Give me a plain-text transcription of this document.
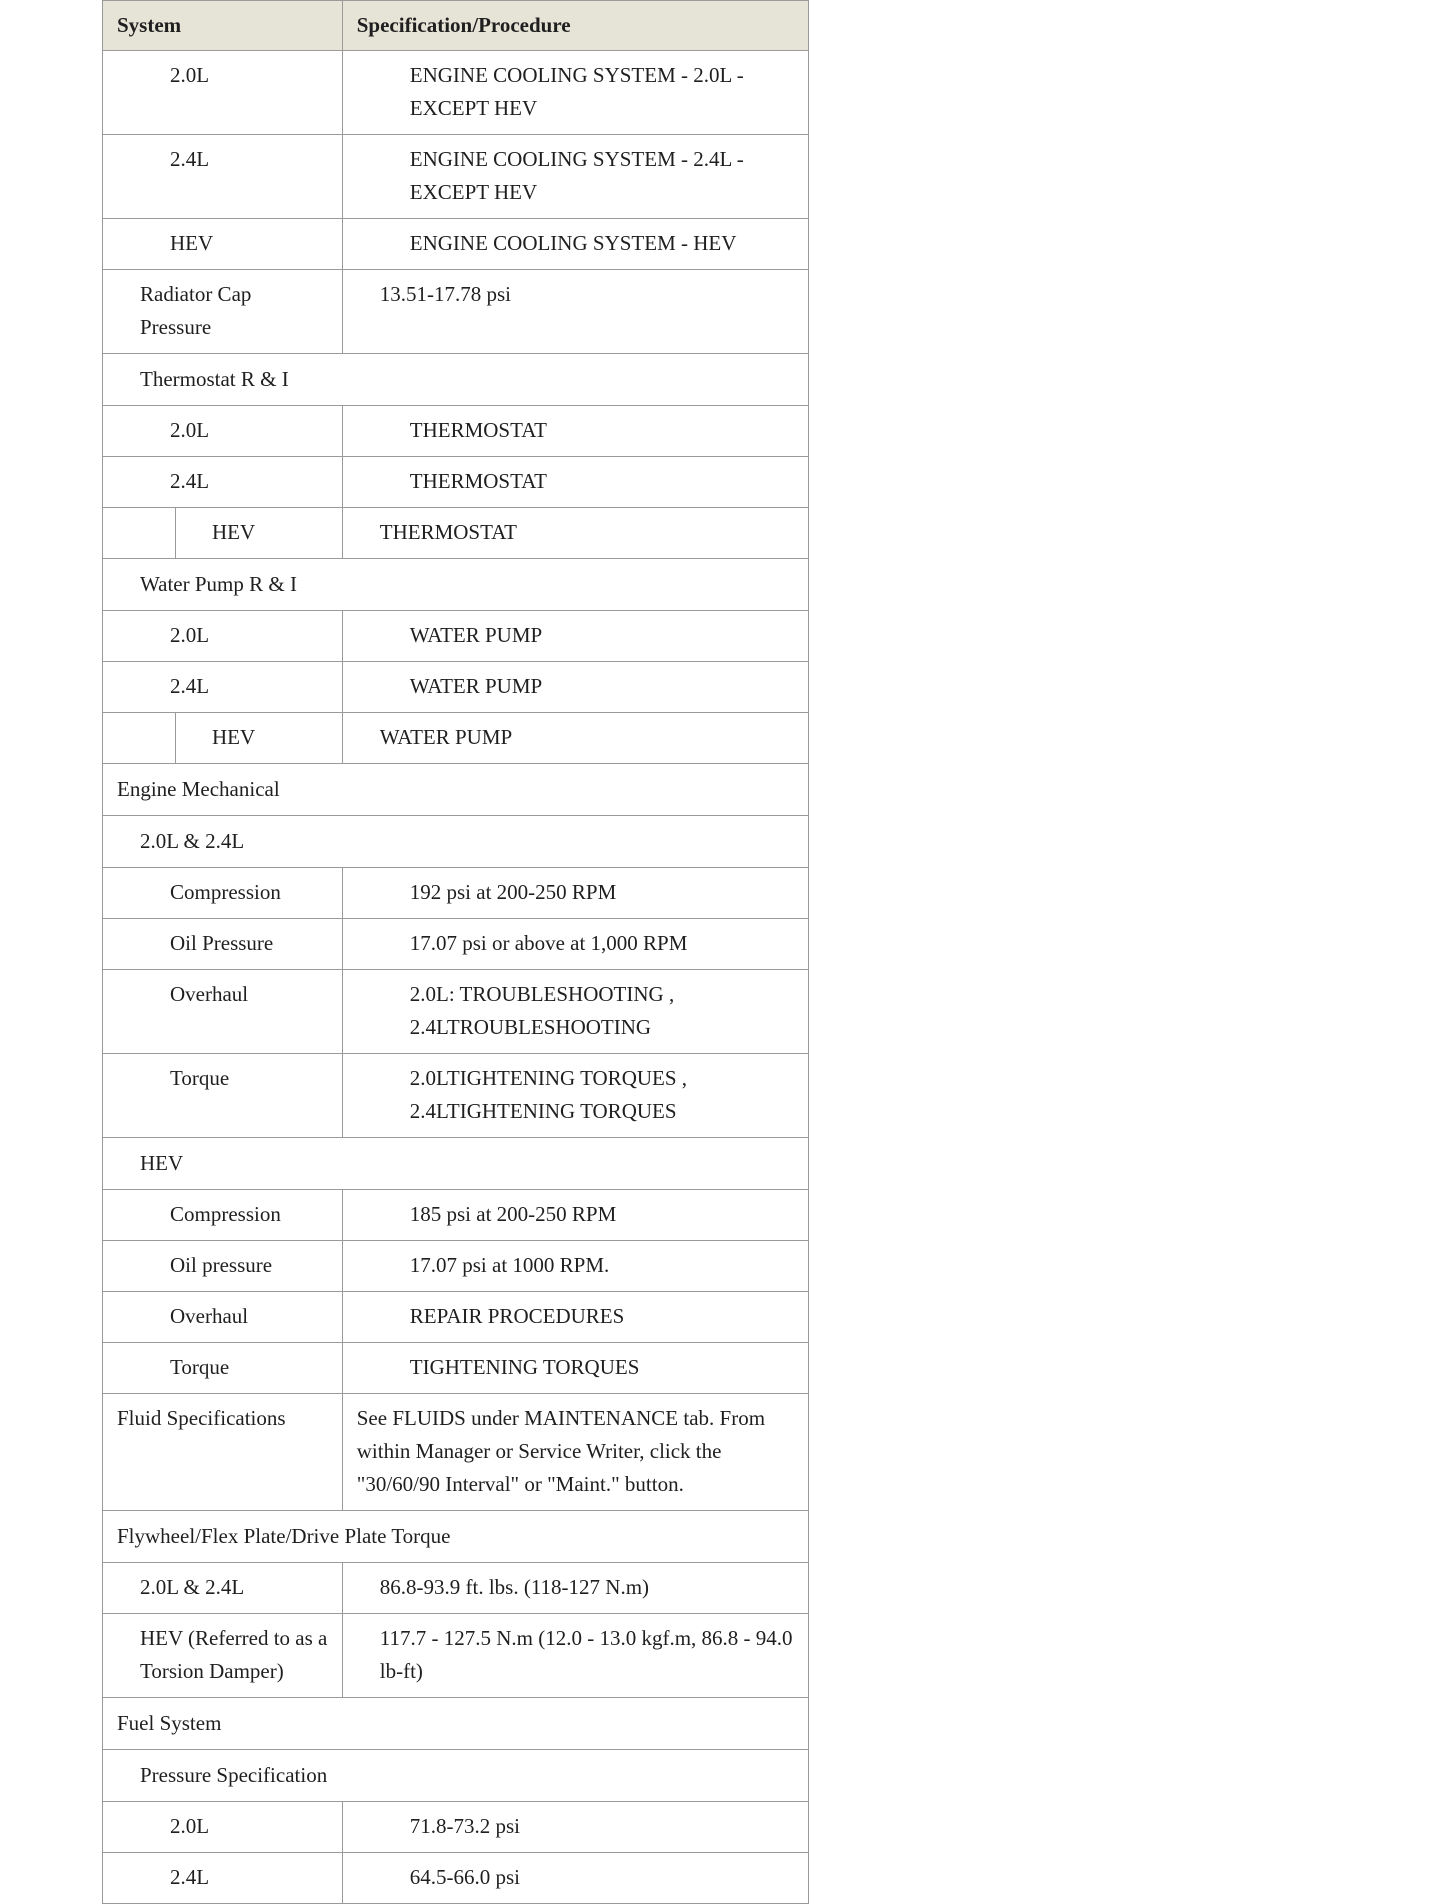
System	Specification/Procedure
2.0L	ENGINE COOLING SYSTEM - 2.0L - EXCEPT HEV
2.4L	ENGINE COOLING SYSTEM - 2.4L - EXCEPT HEV
HEV	ENGINE COOLING SYSTEM - HEV
Radiator Cap Pressure	13.51-17.78 psi
Thermostat R & I	
2.0L	THERMOSTAT
2.4L	THERMOSTAT

HEV	THERMOSTAT
Water Pump R & I	
2.0L	WATER PUMP
2.4L	WATER PUMP

HEV	WATER PUMP
Engine Mechanical	
2.0L & 2.4L	
Compression	192 psi at 200-250 RPM
Oil Pressure	17.07 psi or above at 1,000 RPM
Overhaul	2.0L: TROUBLESHOOTING , 2.4LTROUBLESHOOTING
Torque	2.0LTIGHTENING TORQUES , 2.4LTIGHTENING TORQUES
HEV	
Compression	185 psi at 200-250 RPM
Oil pressure	17.07 psi at 1000 RPM.
Overhaul	REPAIR PROCEDURES
Torque	TIGHTENING TORQUES
Fluid Specifications	See FLUIDS under MAINTENANCE tab. From within Manager or Service Writer, click the "30/60/90 Interval" or "Maint." button.
Flywheel/Flex Plate/Drive Plate Torque	
2.0L & 2.4L	86.8-93.9 ft. lbs. (118-127 N.m)
HEV (Referred to as a Torsion Damper)	117.7 - 127.5 N.m (12.0 - 13.0 kgf.m, 86.8 - 94.0 lb-ft)
Fuel System	
Pressure Specification	
2.0L	71.8-73.2 psi
2.4L	64.5-66.0 psi
